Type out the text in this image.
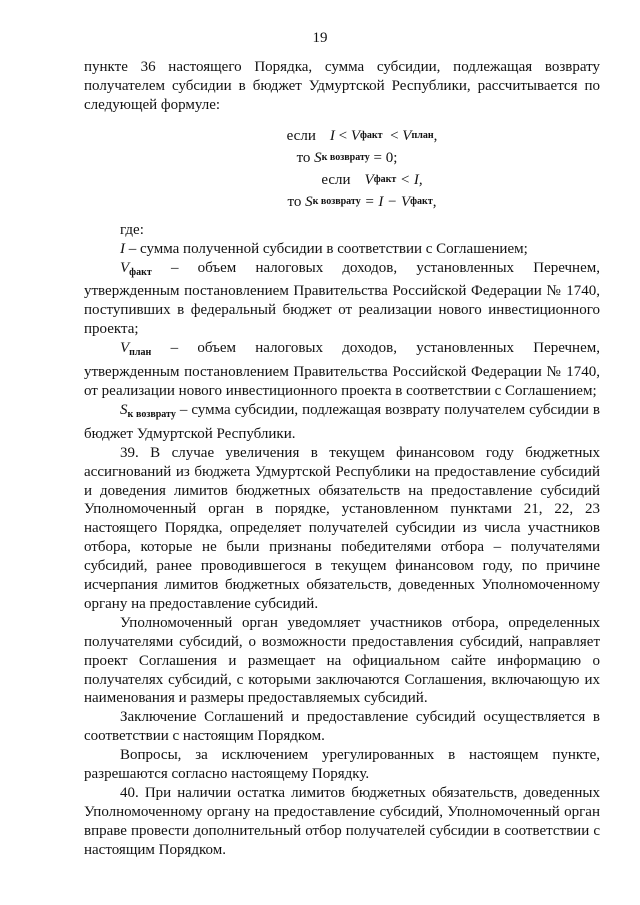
19

пункте 36 настоящего Порядка, сумма субсидии, подлежащая возврату получателем субсидии в бюджет Удмуртской Республики, рассчитывается по следующей формуле:

если I
<
V факт
<
V план ,
то
S к возврату
= 0;
если V факт
< I,
то
S к возврату
= I −
V факт ,

где:

I – сумма полученной субсидии в соответствии с Соглашением;

$V_{факт}$ – объем налоговых доходов, установленных Перечнем, утвержденным постановлением Правительства Российской Федерации № 1740, поступивших в федеральный бюджет от реализации нового инвестиционного проекта;

$V_{план}$ – объем налоговых доходов, установленных Перечнем, утвержденным постановлением Правительства Российской Федерации № 1740, от реализации нового инвестиционного проекта в соответствии с Соглашением;

$S_{к возврату}$ – сумма субсидии, подлежащая возврату получателем субсидии в бюджет Удмуртской Республики.

39. В случае увеличения в текущем финансовом году бюджетных ассигнований из бюджета Удмуртской Республики на предоставление субсидий и доведения лимитов бюджетных обязательств на предоставление субсидий Уполномоченный орган в порядке, установленном пунктами 21, 22, 23 настоящего Порядка, определяет получателей субсидии из числа участников отбора, которые не были признаны победителями отбора – получателями субсидий, ранее проводившегося в текущем финансовом году, по причине исчерпания лимитов бюджетных обязательств, доведенных Уполномоченному органу на предоставление субсидий.

Уполномоченный орган уведомляет участников отбора, определенных получателями субсидий, о возможности предоставления субсидий, направляет проект Соглашения и размещает на официальном сайте информацию о получателях субсидий, с которыми заключаются Соглашения, включающую их наименования и размеры предоставляемых субсидий.

Заключение Соглашений и предоставление субсидий осуществляется в соответствии с настоящим Порядком.

Вопросы, за исключением урегулированных в настоящем пункте, разрешаются согласно настоящему Порядку.

40. При наличии остатка лимитов бюджетных обязательств, доведенных Уполномоченному органу на предоставление субсидий, Уполномоченный орган вправе провести дополнительный отбор получателей субсидии в соответствии с настоящим Порядком.
